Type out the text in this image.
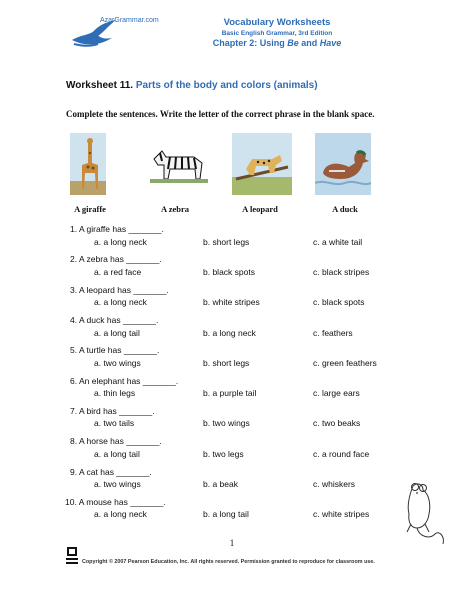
AzarGrammar.com	Vocabulary Worksheets
Basic English Grammar, 3rd Edition
Chapter 2: Using Be and Have
Worksheet 11. Parts of the body and colors (animals)
Complete the sentences. Write the letter of the correct phrase in the blank space.
A giraffe	A zebra	A leopard	A duck
1. A giraffe has _______.
a. a long neck	b. short legs	c. a white tail
2. A zebra has _______.
a. a red face	b. black spots	c. black stripes
3. A leopard has _______.
a. a long neck	b. white stripes	c. black spots
4. A duck has _______.
a. a long tail	b. a long neck	c. feathers
5. A turtle has _______.
a. two wings	b. short legs	c. green feathers
6. An elephant has _______.
a. thin legs	b. a purple tail	c. large ears
7. A bird has _______.
a. two tails	b. two wings	c. two beaks
8. A horse has _______.
a. a long tail	b. two legs	c. a round face
9. A cat has _______.
a. two wings	b. a beak	c. whiskers
10. A mouse has _______.
a. a long neck	b. a long tail	c. white stripes
1
Copyright © 2007 Pearson Education, Inc. All rights reserved. Permission granted to reproduce for classroom use.
